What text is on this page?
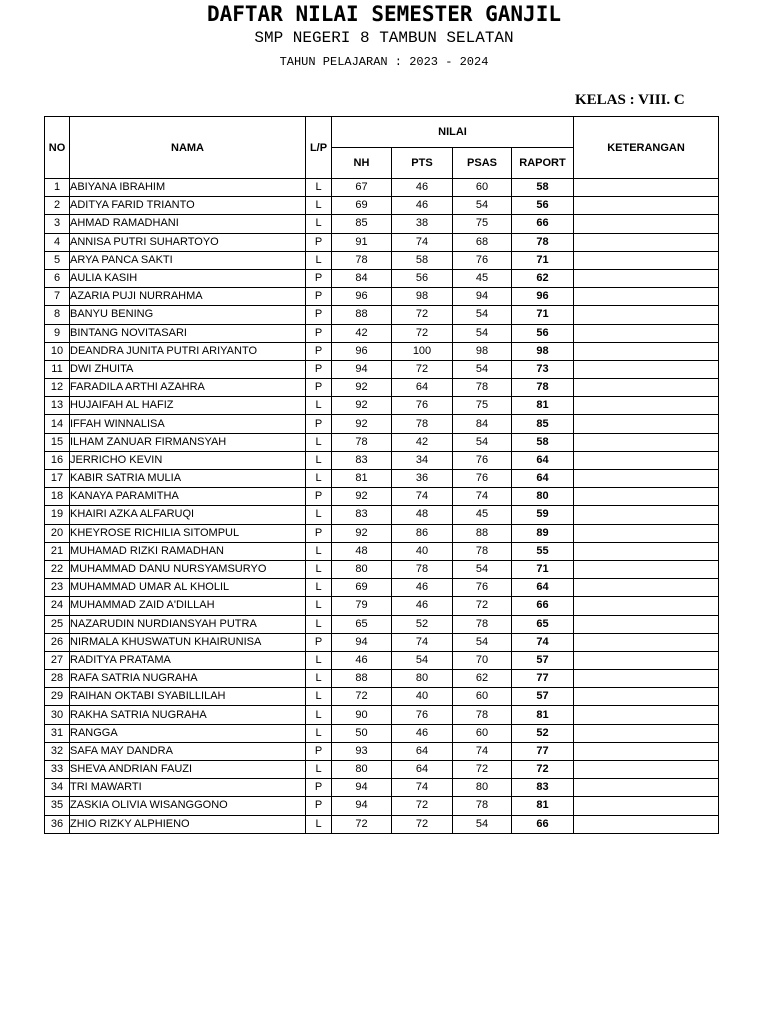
DAFTAR NILAI SEMESTER GANJIL
SMP NEGERI 8 TAMBUN SELATAN
TAHUN PELAJARAN : 2023 - 2024
KELAS : VIII. C
NO	NAMA	L/P	NILAI				KETERANGAN
			NH	PTS	PSAS	RAPORT	
1	ABIYANA IBRAHIM	L	67	46	60	58	
2	ADITYA FARID TRIANTO	L	69	46	54	56	
3	AHMAD RAMADHANI	L	85	38	75	66	
4	ANNISA PUTRI SUHARTOYO	P	91	74	68	78	
5	ARYA PANCA SAKTI	L	78	58	76	71	
6	AULIA KASIH	P	84	56	45	62	
7	AZARIA PUJI NURRAHMA	P	96	98	94	96	
8	BANYU BENING	P	88	72	54	71	
9	BINTANG NOVITASARI	P	42	72	54	56	
10	DEANDRA JUNITA PUTRI ARIYANTO	P	96	100	98	98	
11	DWI ZHUITA	P	94	72	54	73	
12	FARADILA ARTHI AZAHRA	P	92	64	78	78	
13	HUJAIFAH AL HAFIZ	L	92	76	75	81	
14	IFFAH WINNALISA	P	92	78	84	85	
15	ILHAM ZANUAR FIRMANSYAH	L	78	42	54	58	
16	JERRICHO KEVIN	L	83	34	76	64	
17	KABIR SATRIA MULIA	L	81	36	76	64	
18	KANAYA PARAMITHA	P	92	74	74	80	
19	KHAIRI AZKA ALFARUQI	L	83	48	45	59	
20	KHEYROSE RICHILIA SITOMPUL	P	92	86	88	89	
21	MUHAMAD RIZKI RAMADHAN	L	48	40	78	55	
22	MUHAMMAD DANU NURSYAMSURYO	L	80	78	54	71	
23	MUHAMMAD UMAR AL KHOLIL	L	69	46	76	64	
24	MUHAMMAD ZAID A'DILLAH	L	79	46	72	66	
25	NAZARUDIN NURDIANSYAH PUTRA	L	65	52	78	65	
26	NIRMALA KHUSWATUN KHAIRUNISA	P	94	74	54	74	
27	RADITYA PRATAMA	L	46	54	70	57	
28	RAFA SATRIA NUGRAHA	L	88	80	62	77	
29	RAIHAN OKTABI SYABILLILAH	L	72	40	60	57	
30	RAKHA SATRIA NUGRAHA	L	90	76	78	81	
31	RANGGA	L	50	46	60	52	
32	SAFA MAY DANDRA	P	93	64	74	77	
33	SHEVA ANDRIAN FAUZI	L	80	64	72	72	
34	TRI MAWARTI	P	94	74	80	83	
35	ZASKIA OLIVIA WISANGGONO	P	94	72	78	81	
36	ZHIO RIZKY ALPHIENO	L	72	72	54	66	
